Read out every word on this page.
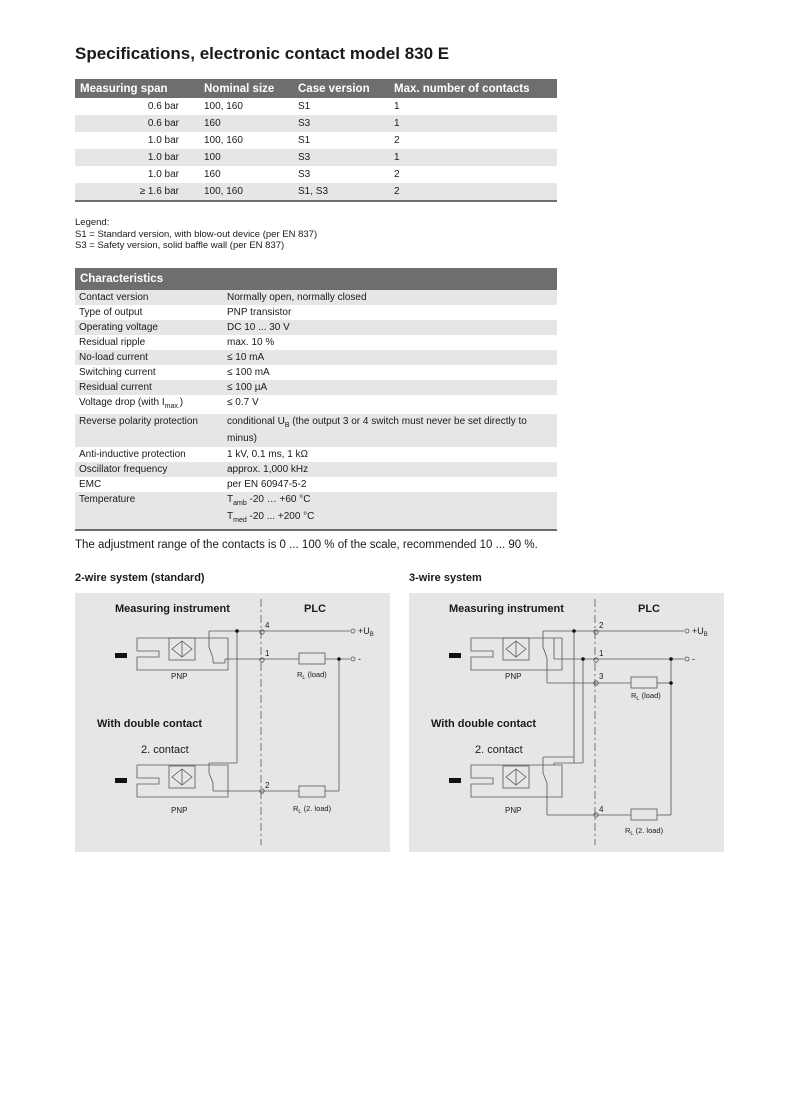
Specifications, electronic contact model 830 E
Measuring span	Nominal size	Case version	Max. number of contacts
0.6 bar	100, 160	S1	1
0.6 bar	160	S3	1
1.0 bar	100, 160	S1	2
1.0 bar	100	S3	1
1.0 bar	160	S3	2
≥ 1.6 bar	100, 160	S1, S3	2
Legend:
S1 = Standard version, with blow-out device (per EN 837)
S3 = Safety version, solid baffle wall (per EN 837)
Characteristics	
Contact version	Normally open, normally closed
Type of output	PNP transistor
Operating voltage	DC 10 ... 30 V
Residual ripple	max. 10 %
No-load current	≤ 10 mA
Switching current	≤ 100 mA
Residual current	≤ 100 µA
Voltage drop (with $I_{max.}$)	≤ 0.7 V
Reverse polarity protection	conditional $U_B$ (the output 3 or 4 switch must never be set directly to
	minus)
Anti-inductive protection	1 kV, 0.1 ms, 1 kΩ
Oscillator frequency	approx. 1,000 kHz
EMC	per EN 60947-5-2
Temperature	$T_{amb}$ -20 … +60 °C
	$T_{med}$ -20 ... +200 °C
The adjustment range of the contacts is 0 ... 100 % of the scale, recommended 10 ... 90 %.
2-wire system (standard)
4
1
2
$+U_B$
-
$R_L$ (load)
$R_L$ (2. load)
PNP
PNP
Measuring instrument	PLC
With double contact
2. contact
3-wire system
2
1
3
4
$+U_B$
-
$R_L$ (load)
$R_L$ (2. load)
PNP
PNP
Measuring instrument	PLC
With double contact
2. contact
